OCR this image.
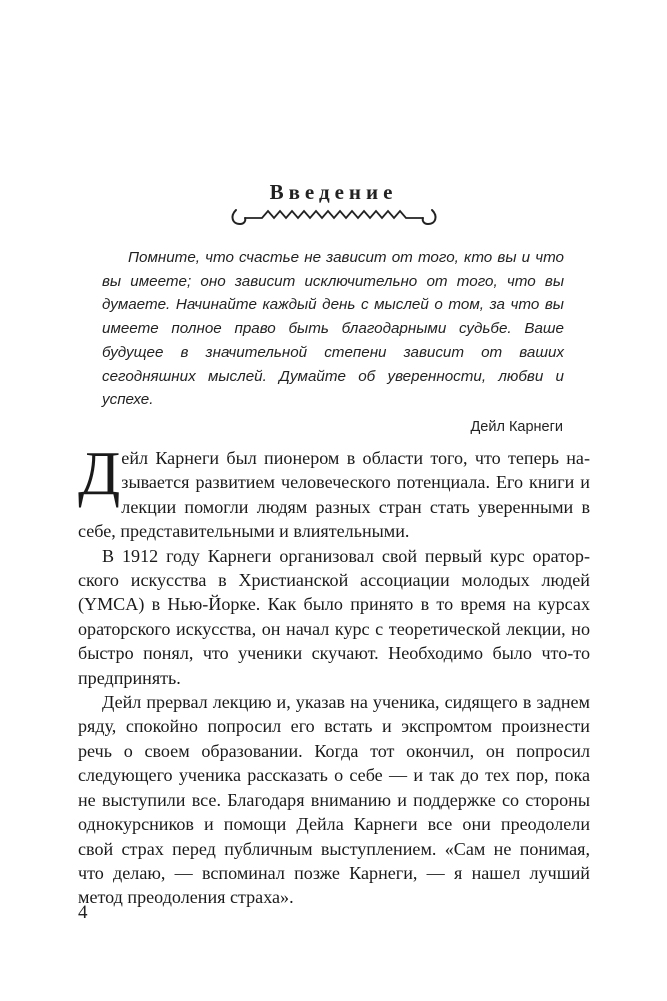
Введение

Помните, что счастье не зависит от того, кто вы и что вы имеете; оно зависит исключительно от того, что вы думаете. Начинайте каждый день с мыслей о том, за что вы имеете полное право быть благодарными судьбе. Ваше будущее в значительной степени зависит от ваших сегодняшних мыслей. Думайте об уверенности, любви и успехе.

Дейл Карнеги

Дейл Карнеги был пионером в области того, что теперь называется развитием человеческого потенциала. Его книги и лекции помогли людям разных стран стать уверенными в себе, представительными и влиятельными.

В 1912 году Карнеги организовал свой первый курс ораторского искусства в Христианской ассоциации молодых людей (YMCA) в Нью-Йорке. Как было принято в то время на курсах ораторского искусства, он начал курс с теоретической лекции, но быстро понял, что ученики скучают. Необходимо было что-то предпринять.

Дейл прервал лекцию и, указав на ученика, сидящего в заднем ряду, спокойно попросил его встать и экспромтом произнести речь о своем образовании. Когда тот окончил, он попросил следующего ученика рассказать о себе — и так до тех пор, пока не выступили все. Благодаря вниманию и поддержке со стороны однокурсников и помощи Дейла Карнеги все они преодолели свой страх перед публичным выступлением. «Сам не понимая, что делаю, — вспоминал позже Карнеги, — я нашел лучший метод преодоления страха».

4
